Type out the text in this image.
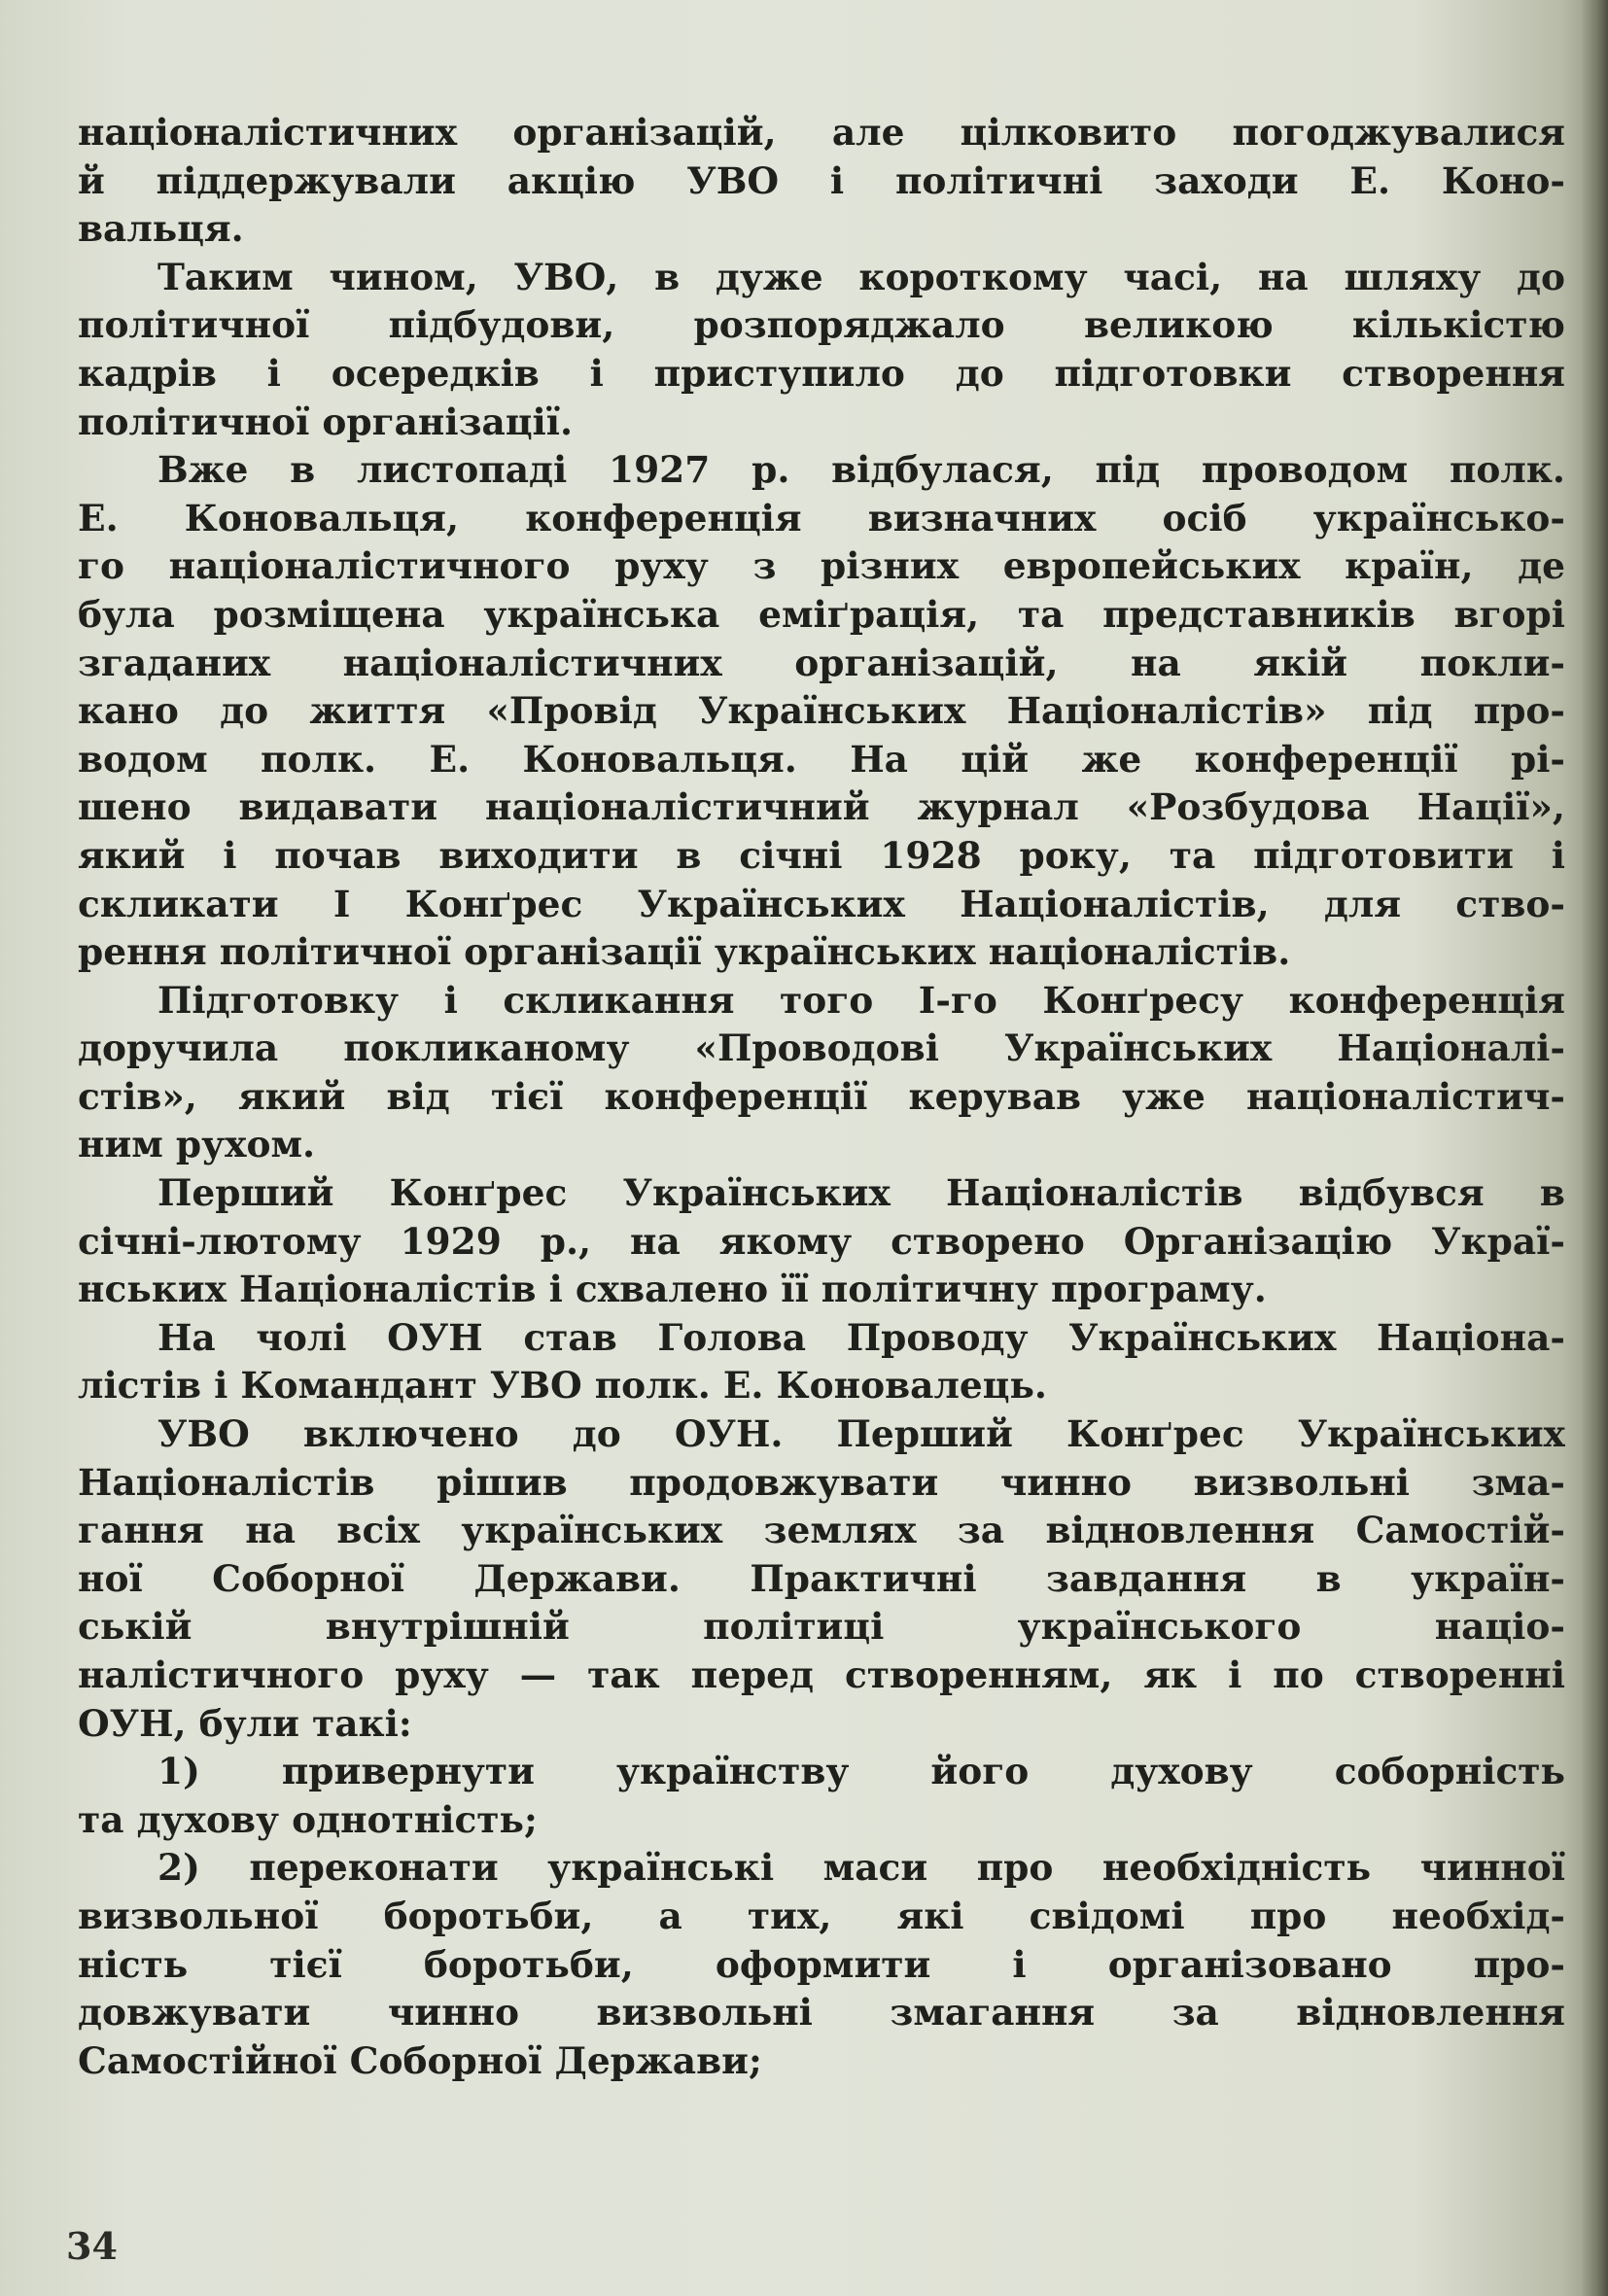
націоналістичних організацій, але цілковито погоджувалися
й піддержували акцію УВО і політичні заходи Е. Коно-
вальця.
Таким чином, УВО, в дуже короткому часі, на шляху до
політичної підбудови, розпоряджало великою кількістю
кадрів і осередків і приступило до підготовки створення
політичної організації.
Вже в листопаді 1927 р. відбулася, під проводом полк.
Е. Коновальця, конференція визначних осіб українсько-
го націоналістичного руху з різних европейських країн, де
була розміщена українська еміґрація, та представників вгорі
згаданих націоналістичних організацій, на якій покли-
кано до життя «Провід Українських Націоналістів» під про-
водом полк. Е. Коновальця. На цій же конференції рі-
шено видавати націоналістичний журнал «Розбудова Нації»,
який і почав виходити в січні 1928 року, та підготовити і
скликати І Конґрес Українських Націоналістів, для ство-
рення політичної організації українських націоналістів.
Підготовку і скликання того І-го Конґресу конференція
доручила покликаному «Проводові Українських Націоналі-
стів», який від тієї конференції керував уже націоналістич-
ним рухом.
Перший Конґрес Українських Націоналістів відбувся в
січні-лютому 1929 р., на якому створено Організацію Украї-
нських Націоналістів і схвалено її політичну програму.
На чолі ОУН став Голова Проводу Українських Націона-
лістів і Командант УВО полк. Е. Коновалець.
УВО включено до ОУН. Перший Конґрес Українських
Націоналістів рішив продовжувати чинно визвольні зма-
гання на всіх українських землях за відновлення Самостій-
ної Соборної Держави. Практичні завдання в україн-
ській внутрішній політиці українського націо-
налістичного руху — так перед створенням, як і по створенні
ОУН, були такі:
1) привернути українству його духову соборність
та духову однотність;
2) переконати українські маси про необхідність чинної
визвольної боротьби, а тих, які свідомі про необхід-
ність тієї боротьби, оформити і організовано про-
довжувати чинно визвольні змагання за відновлення
Самостійної Соборної Держави;
34
